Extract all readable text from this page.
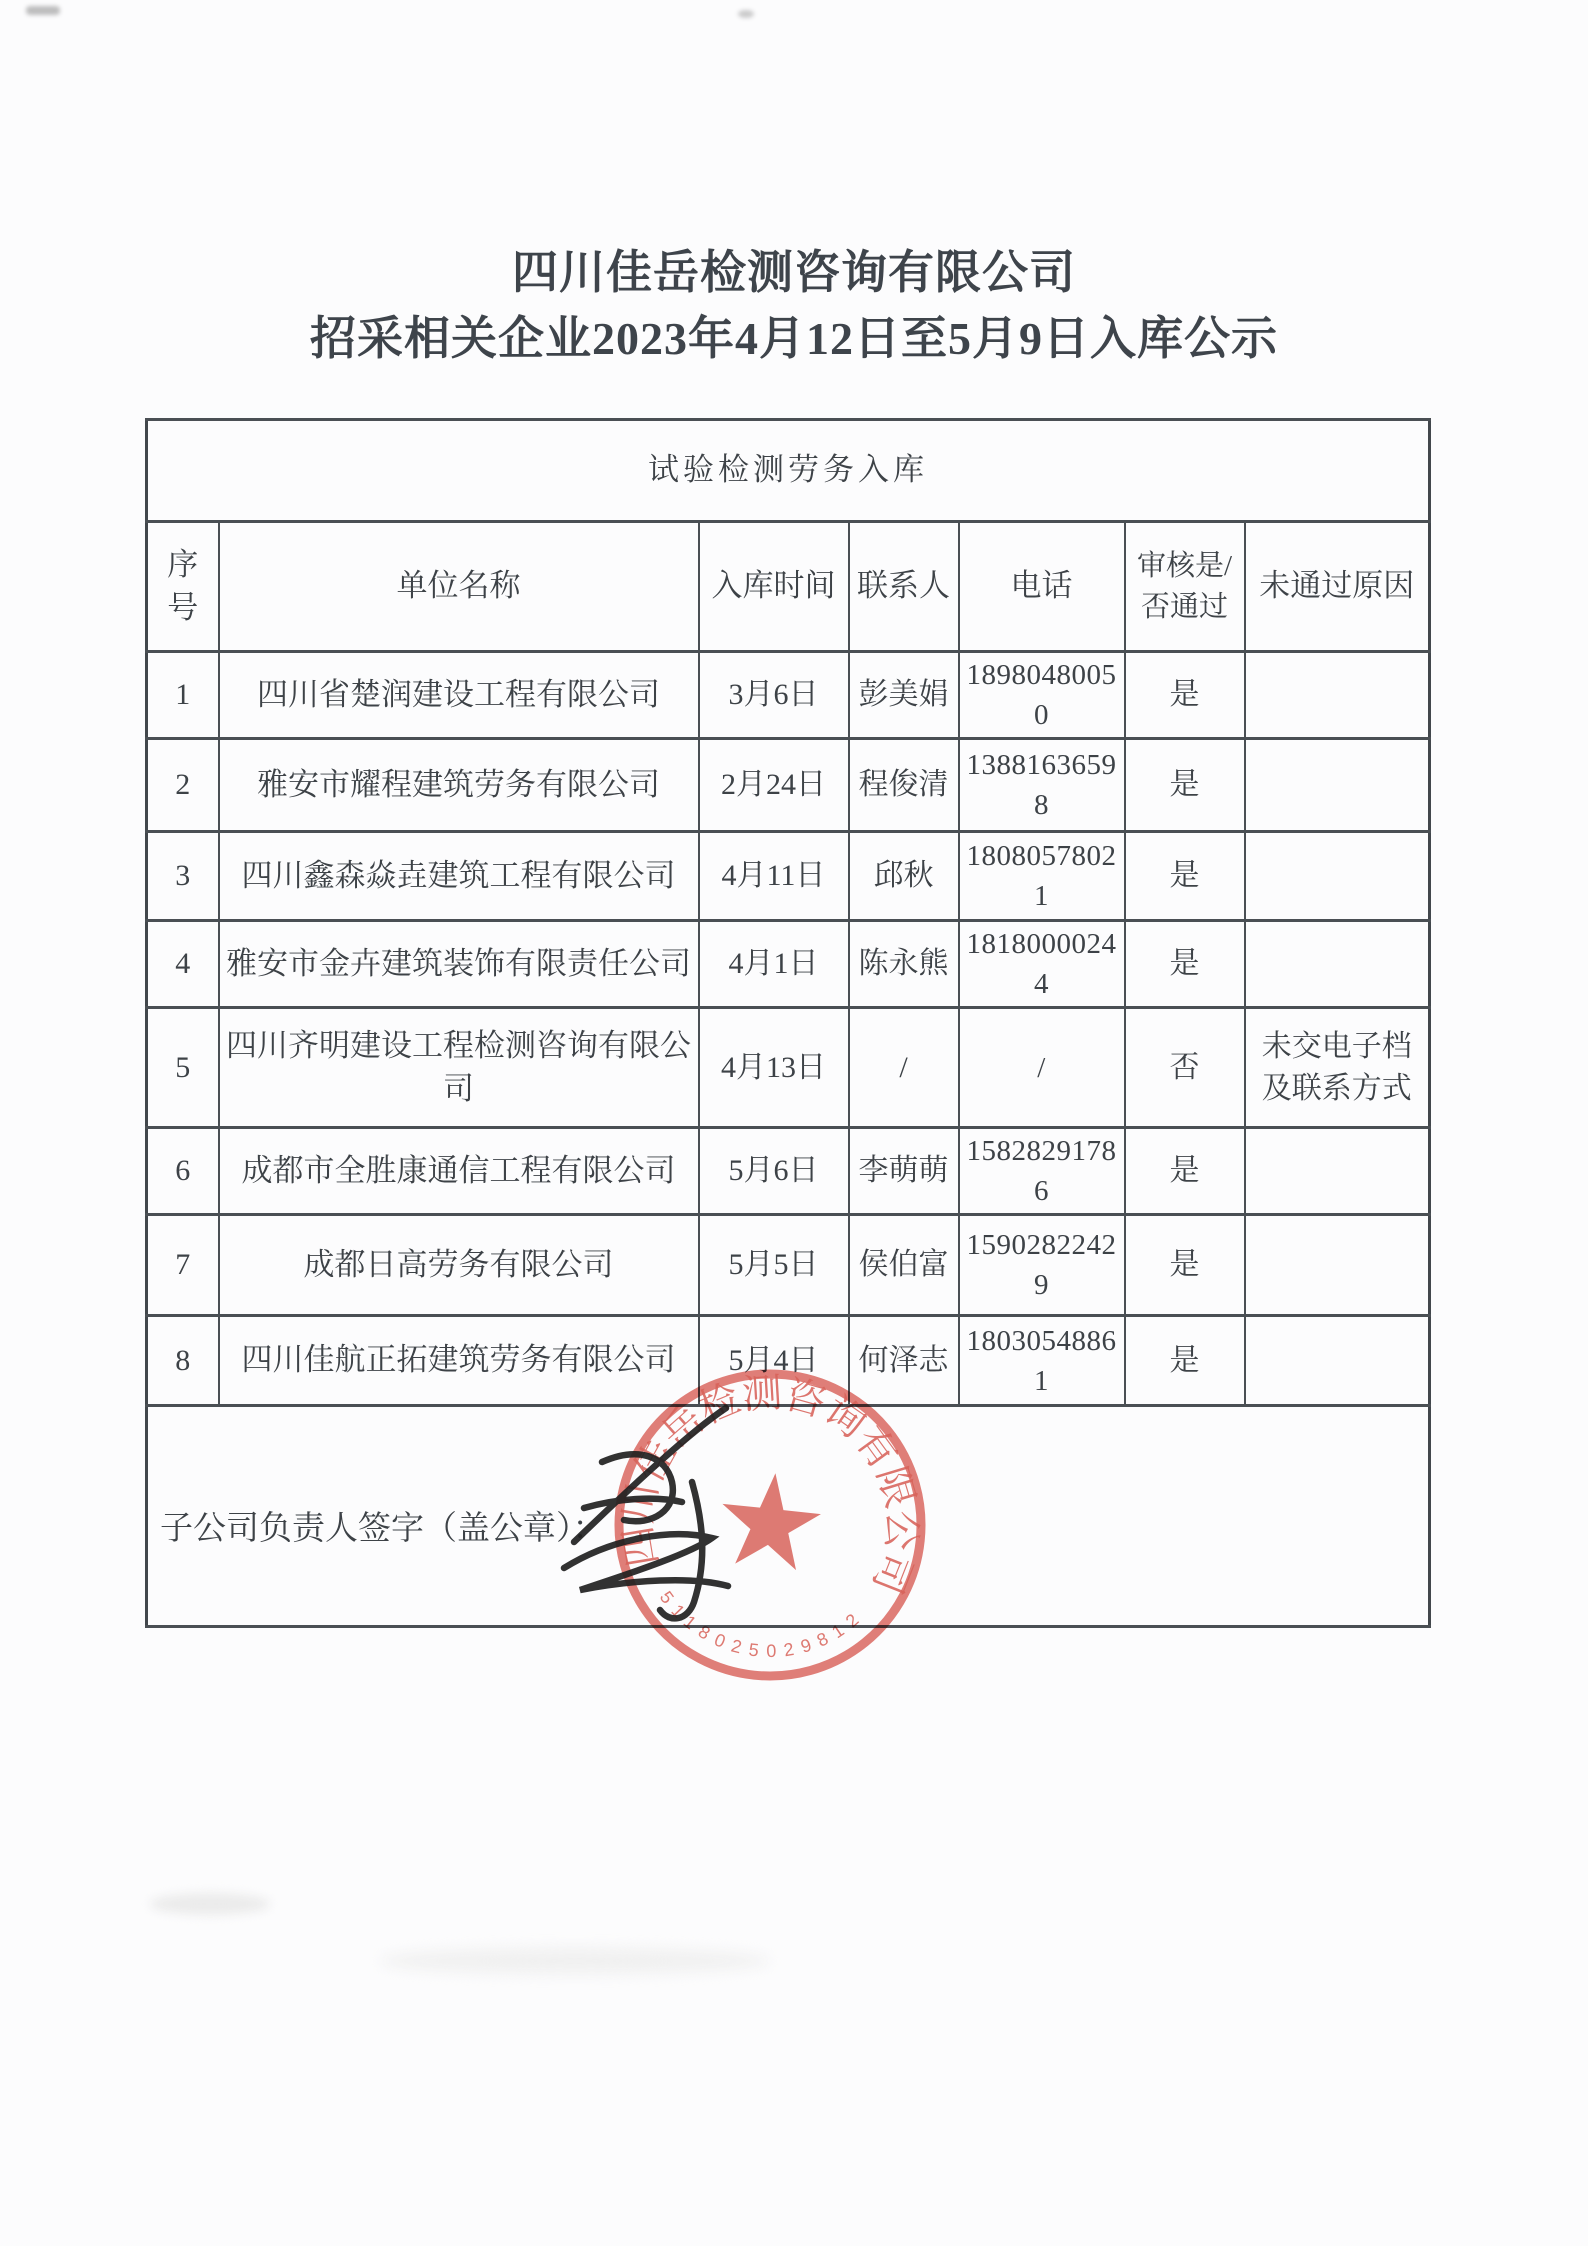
四川佳岳检测咨询有限公司
招采相关企业2023年4月12日至5月9日入库公示
试验检测劳务入库						
序号	单位名称	入库时间	联系人	电话	审核是/否通过	未通过原因
1	四川省楚润建设工程有限公司	3月6日	彭美娟	18980480050	是	
2	雅安市耀程建筑劳务有限公司	2月24日	程俊清	13881636598	是	
3	四川鑫森焱垚建筑工程有限公司	4月11日	邱秋	18080578021	是	
4	雅安市金卉建筑装饰有限责任公司	4月1日	陈永熊	18180000244	是	
5	四川齐明建设工程检测咨询有限公司	4月13日	/	/	否	未交电子档及联系方式
6	成都市全胜康通信工程有限公司	5月6日	李萌萌	15828291786	是	
7	成都日高劳务有限公司	5月5日	侯伯富	15902822429	是	
8	四川佳航正拓建筑劳务有限公司	5月4日	何泽志	18030548861	是	
子公司负责人签字（盖公章）：						四川佳岳检测咨询有限公司
5118025029812
